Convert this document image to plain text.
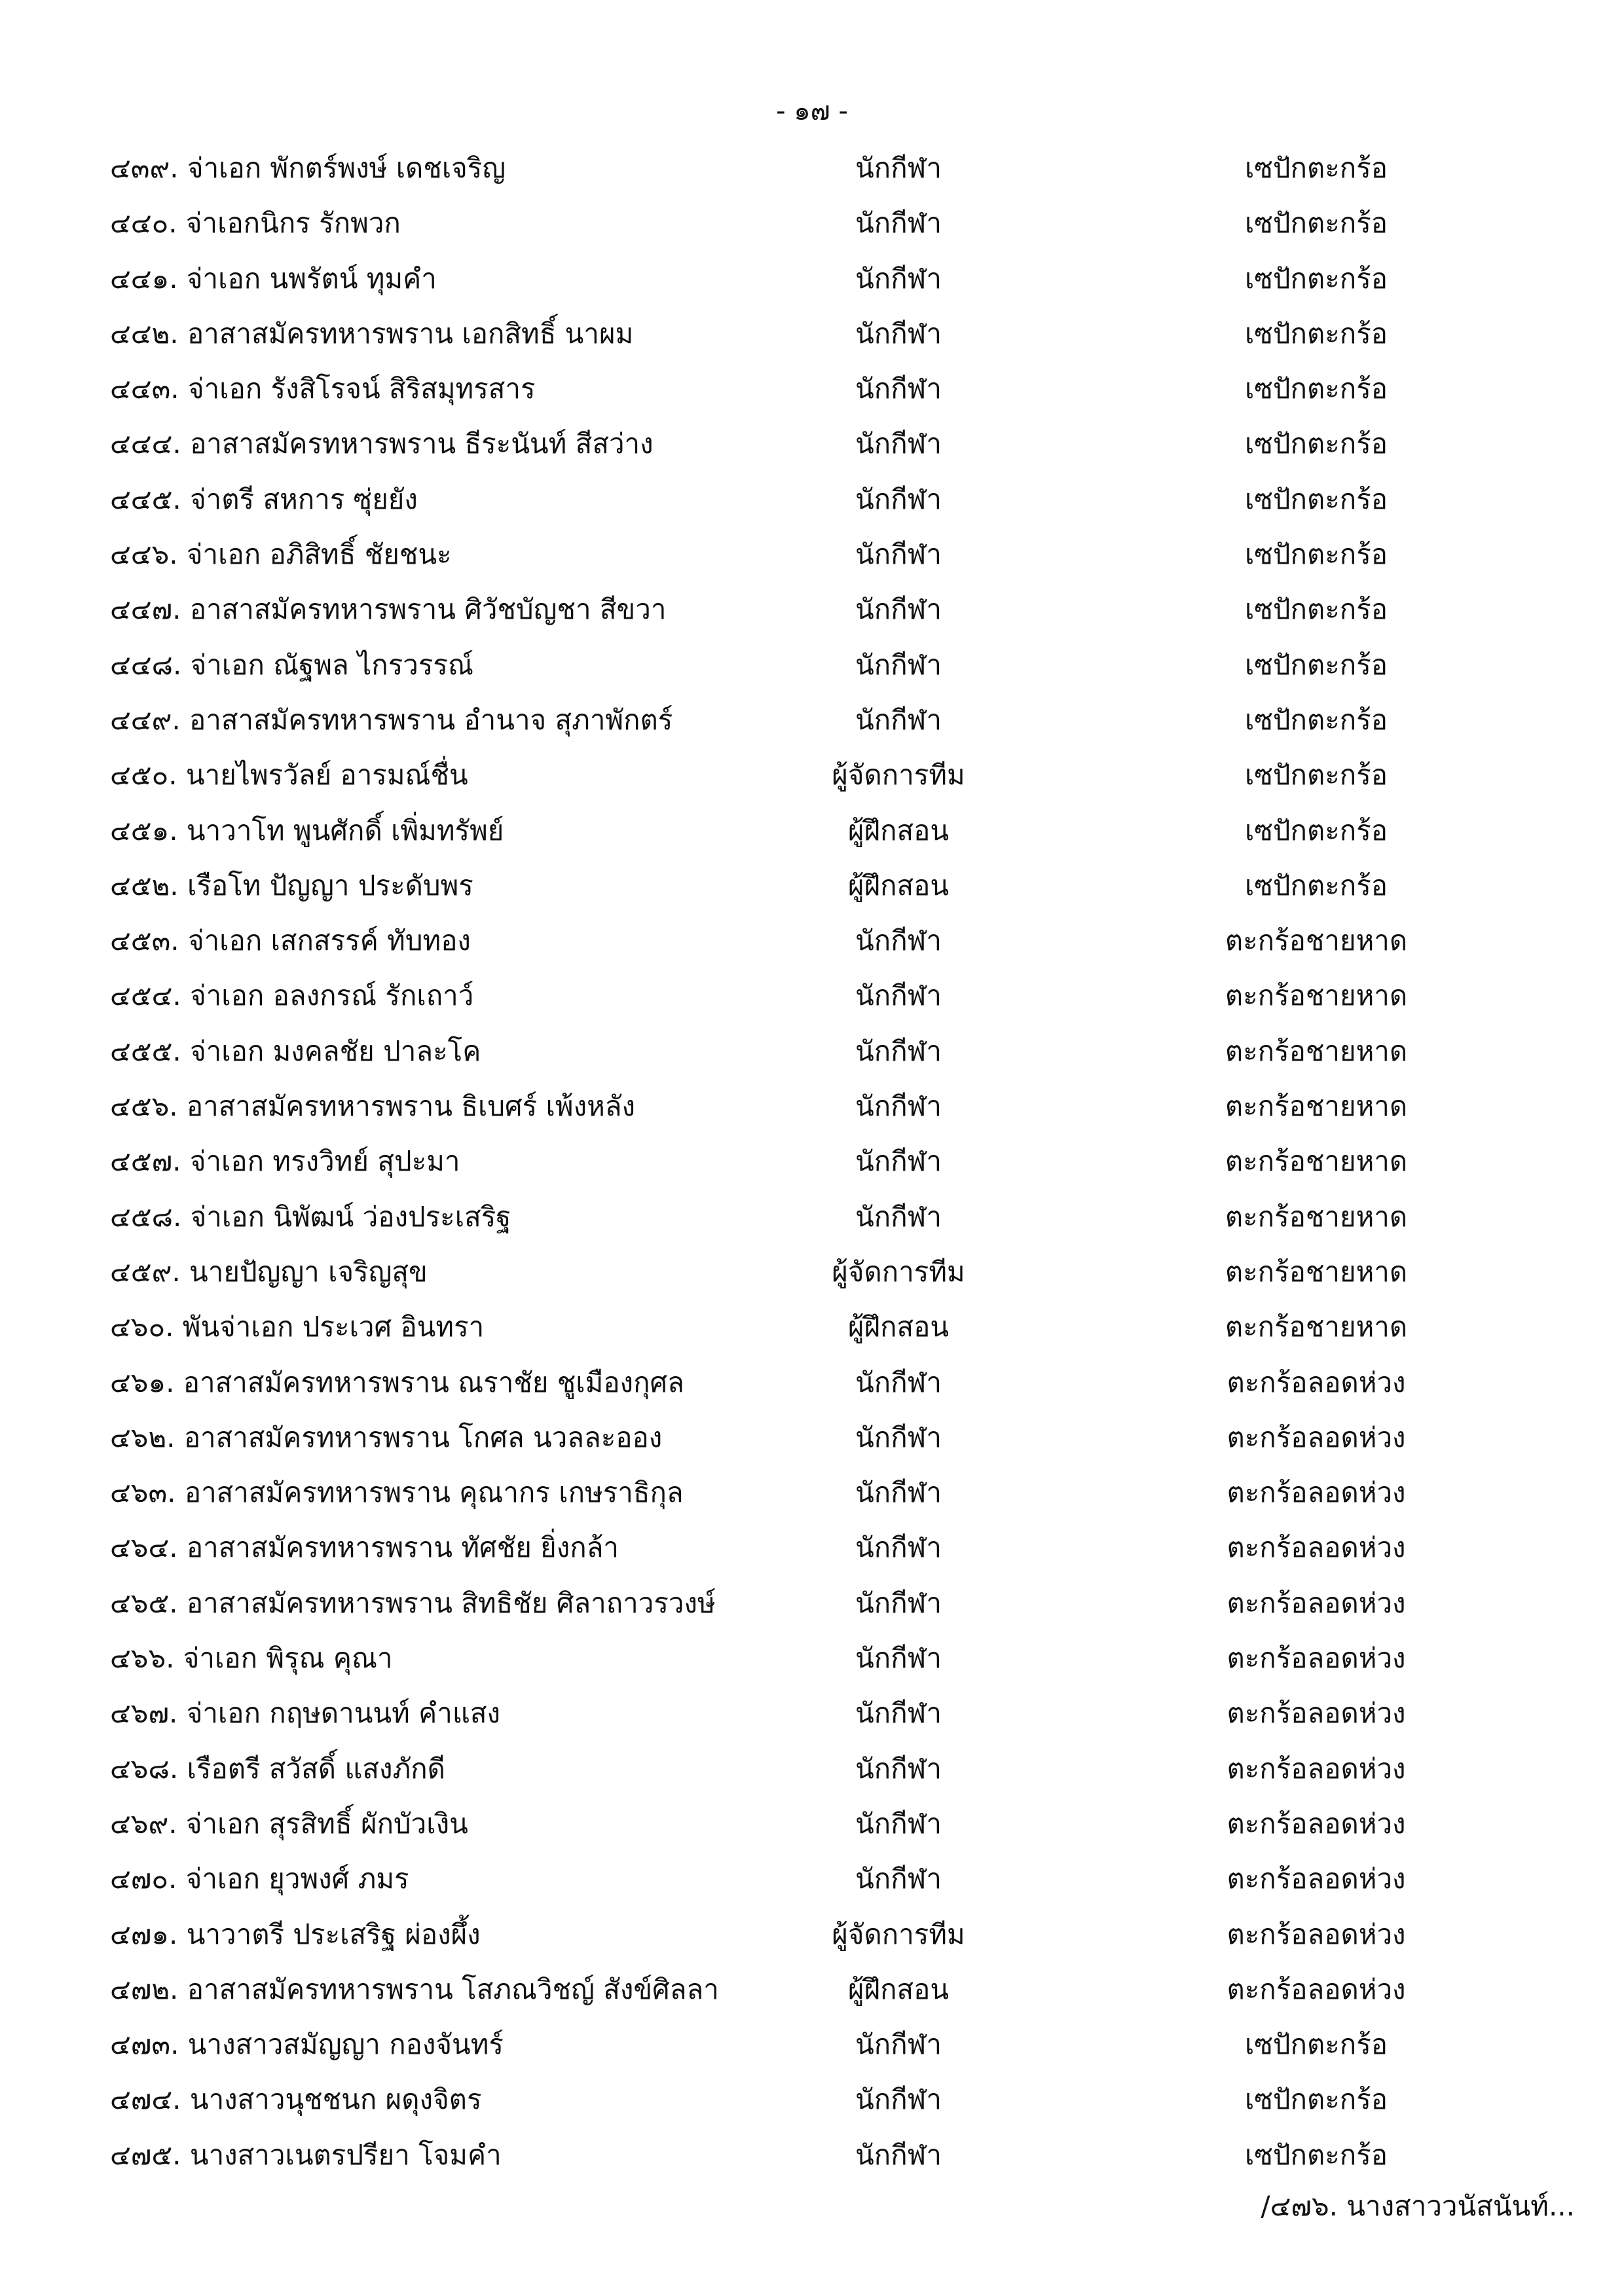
- ๑๗ -
๔๓๙. จ่าเอก พักตร์พงษ์ เดชเจริญ	นักกีฬา	เซปักตะกร้อ
๔๔๐. จ่าเอกนิกร รักพวก	นักกีฬา	เซปักตะกร้อ
๔๔๑. จ่าเอก นพรัตน์ ทุมคำ	นักกีฬา	เซปักตะกร้อ
๔๔๒. อาสาสมัครทหารพราน เอกสิทธิ์ นาผม	นักกีฬา	เซปักตะกร้อ
๔๔๓. จ่าเอก รังสิโรจน์ สิริสมุทรสาร	นักกีฬา	เซปักตะกร้อ
๔๔๔. อาสาสมัครทหารพราน ธีระนันท์ สีสว่าง	นักกีฬา	เซปักตะกร้อ
๔๔๕. จ่าตรี สหการ ซุ่ยยัง	นักกีฬา	เซปักตะกร้อ
๔๔๖. จ่าเอก อภิสิทธิ์ ชัยชนะ	นักกีฬา	เซปักตะกร้อ
๔๔๗. อาสาสมัครทหารพราน ศิวัชบัญชา สีขวา	นักกีฬา	เซปักตะกร้อ
๔๔๘. จ่าเอก ณัฐพล ไกรวรรณ์	นักกีฬา	เซปักตะกร้อ
๔๔๙. อาสาสมัครทหารพราน อำนาจ สุภาพักตร์	นักกีฬา	เซปักตะกร้อ
๔๕๐. นายไพรวัลย์ อารมณ์ชื่น	ผู้จัดการทีม	เซปักตะกร้อ
๔๕๑. นาวาโท พูนศักดิ์ เพิ่มทรัพย์	ผู้ฝึกสอน	เซปักตะกร้อ
๔๕๒. เรือโท ปัญญา ประดับพร	ผู้ฝึกสอน	เซปักตะกร้อ
๔๕๓. จ่าเอก เสกสรรค์ ทับทอง	นักกีฬา	ตะกร้อชายหาด
๔๕๔. จ่าเอก อลงกรณ์ รักเถาว์	นักกีฬา	ตะกร้อชายหาด
๔๕๕. จ่าเอก มงคลชัย ปาละโค	นักกีฬา	ตะกร้อชายหาด
๔๕๖. อาสาสมัครทหารพราน ธิเบศร์ เพ้งหลัง	นักกีฬา	ตะกร้อชายหาด
๔๕๗. จ่าเอก ทรงวิทย์ สุปะมา	นักกีฬา	ตะกร้อชายหาด
๔๕๘. จ่าเอก นิพัฒน์ ว่องประเสริฐ	นักกีฬา	ตะกร้อชายหาด
๔๕๙. นายปัญญา เจริญสุข	ผู้จัดการทีม	ตะกร้อชายหาด
๔๖๐. พันจ่าเอก ประเวศ อินทรา	ผู้ฝึกสอน	ตะกร้อชายหาด
๔๖๑. อาสาสมัครทหารพราน ณราชัย ชูเมืองกุศล	นักกีฬา	ตะกร้อลอดห่วง
๔๖๒. อาสาสมัครทหารพราน โกศล นวลละออง	นักกีฬา	ตะกร้อลอดห่วง
๔๖๓. อาสาสมัครทหารพราน คุณากร เกษราธิกุล	นักกีฬา	ตะกร้อลอดห่วง
๔๖๔. อาสาสมัครทหารพราน ทัศชัย ยิ่งกล้า	นักกีฬา	ตะกร้อลอดห่วง
๔๖๕. อาสาสมัครทหารพราน สิทธิชัย ศิลาถาวรวงษ์	นักกีฬา	ตะกร้อลอดห่วง
๔๖๖. จ่าเอก พิรุณ คุณา	นักกีฬา	ตะกร้อลอดห่วง
๔๖๗. จ่าเอก กฤษดานนท์ คำแสง	นักกีฬา	ตะกร้อลอดห่วง
๔๖๘. เรือตรี สวัสดิ์ แสงภักดี	นักกีฬา	ตะกร้อลอดห่วง
๔๖๙. จ่าเอก สุรสิทธิ์ ผักบัวเงิน	นักกีฬา	ตะกร้อลอดห่วง
๔๗๐. จ่าเอก ยุวพงศ์ ภมร	นักกีฬา	ตะกร้อลอดห่วง
๔๗๑. นาวาตรี ประเสริฐ ผ่องผึ้ง	ผู้จัดการทีม	ตะกร้อลอดห่วง
๔๗๒. อาสาสมัครทหารพราน โสภณวิชญ์ สังข์ศิลลา	ผู้ฝึกสอน	ตะกร้อลอดห่วง
๔๗๓. นางสาวสมัญญา กองจันทร์	นักกีฬา	เซปักตะกร้อ
๔๗๔. นางสาวนุชชนก ผดุงจิตร	นักกีฬา	เซปักตะกร้อ
๔๗๕. นางสาวเนตรปรียา โจมคำ	นักกีฬา	เซปักตะกร้อ
/๔๗๖. นางสาววนัสนันท์...
